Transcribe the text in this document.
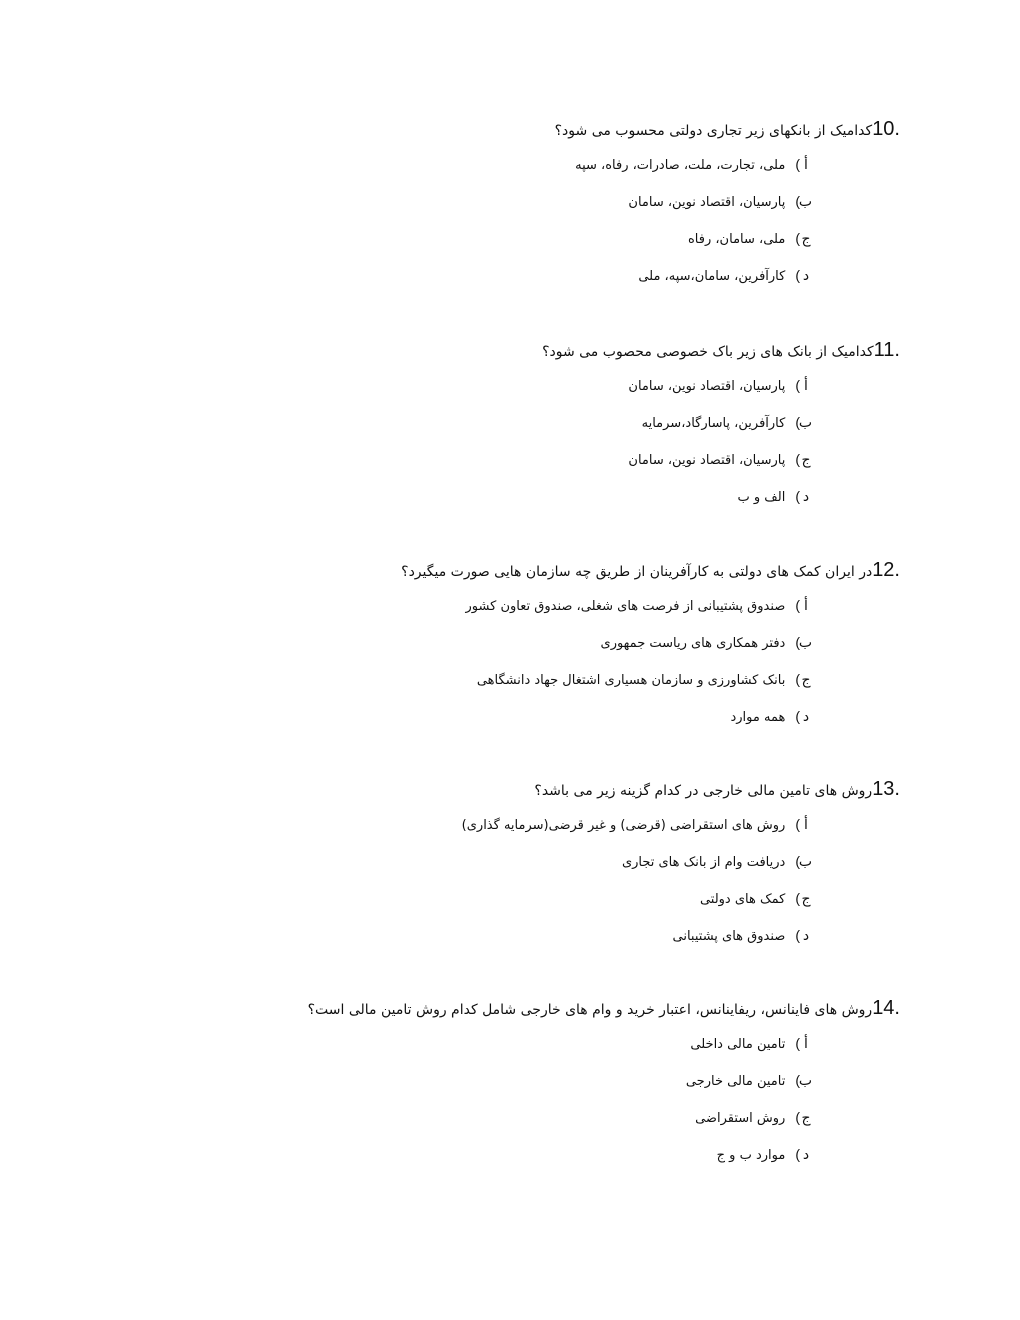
10.
کدامیک از بانکهای زیر تجاری دولتی محسوب می شود؟
أ
)
ملی، تجارت، ملت، صادرات، رفاه، سپه
ب
)
پارسیان، اقتصاد نوین، سامان
ج
)
ملی، سامان، رفاه
د
)
کارآفرین، سامان،سپه، ملی
11.
کدامیک از بانک های زیر باک خصوصی محصوب می شود؟
أ
)
پارسیان، اقتصاد نوین، سامان
ب
)
کارآفرین، پاسارگاد،سرمایه
ج
)
پارسیان، اقتصاد نوین، سامان
د
)
الف و ب
12.
در ایران کمک های دولتی به کارآفرینان از طریق چه سازمان هایی صورت میگیرد؟
أ
)
صندوق پشتیبانی از فرصت های شغلی، صندوق تعاون کشور
ب
)
دفتر همکاری های ریاست جمهوری
ج
)
بانک کشاورزی و سازمان هسیاری اشتغال جهاد دانشگاهی
د
)
همه موارد
13.
روش های تامین مالی خارجی در کدام گزینه زیر می باشد؟
أ
)
روش های استقراضی (قرضی) و غیر قرضی(سرمایه گذاری)
ب
)
دریافت وام از بانک های تجاری
ج
)
کمک های دولتی
د
)
صندوق های پشتیبانی
14.
روش های فاینانس، ریفاینانس، اعتبار خرید و وام های خارجی شامل کدام روش تامین مالی است؟
أ
)
تامین مالی داخلی
ب
)
تامین مالی خارجی
ج
)
روش استقراضی
د
)
موارد ب و ج
